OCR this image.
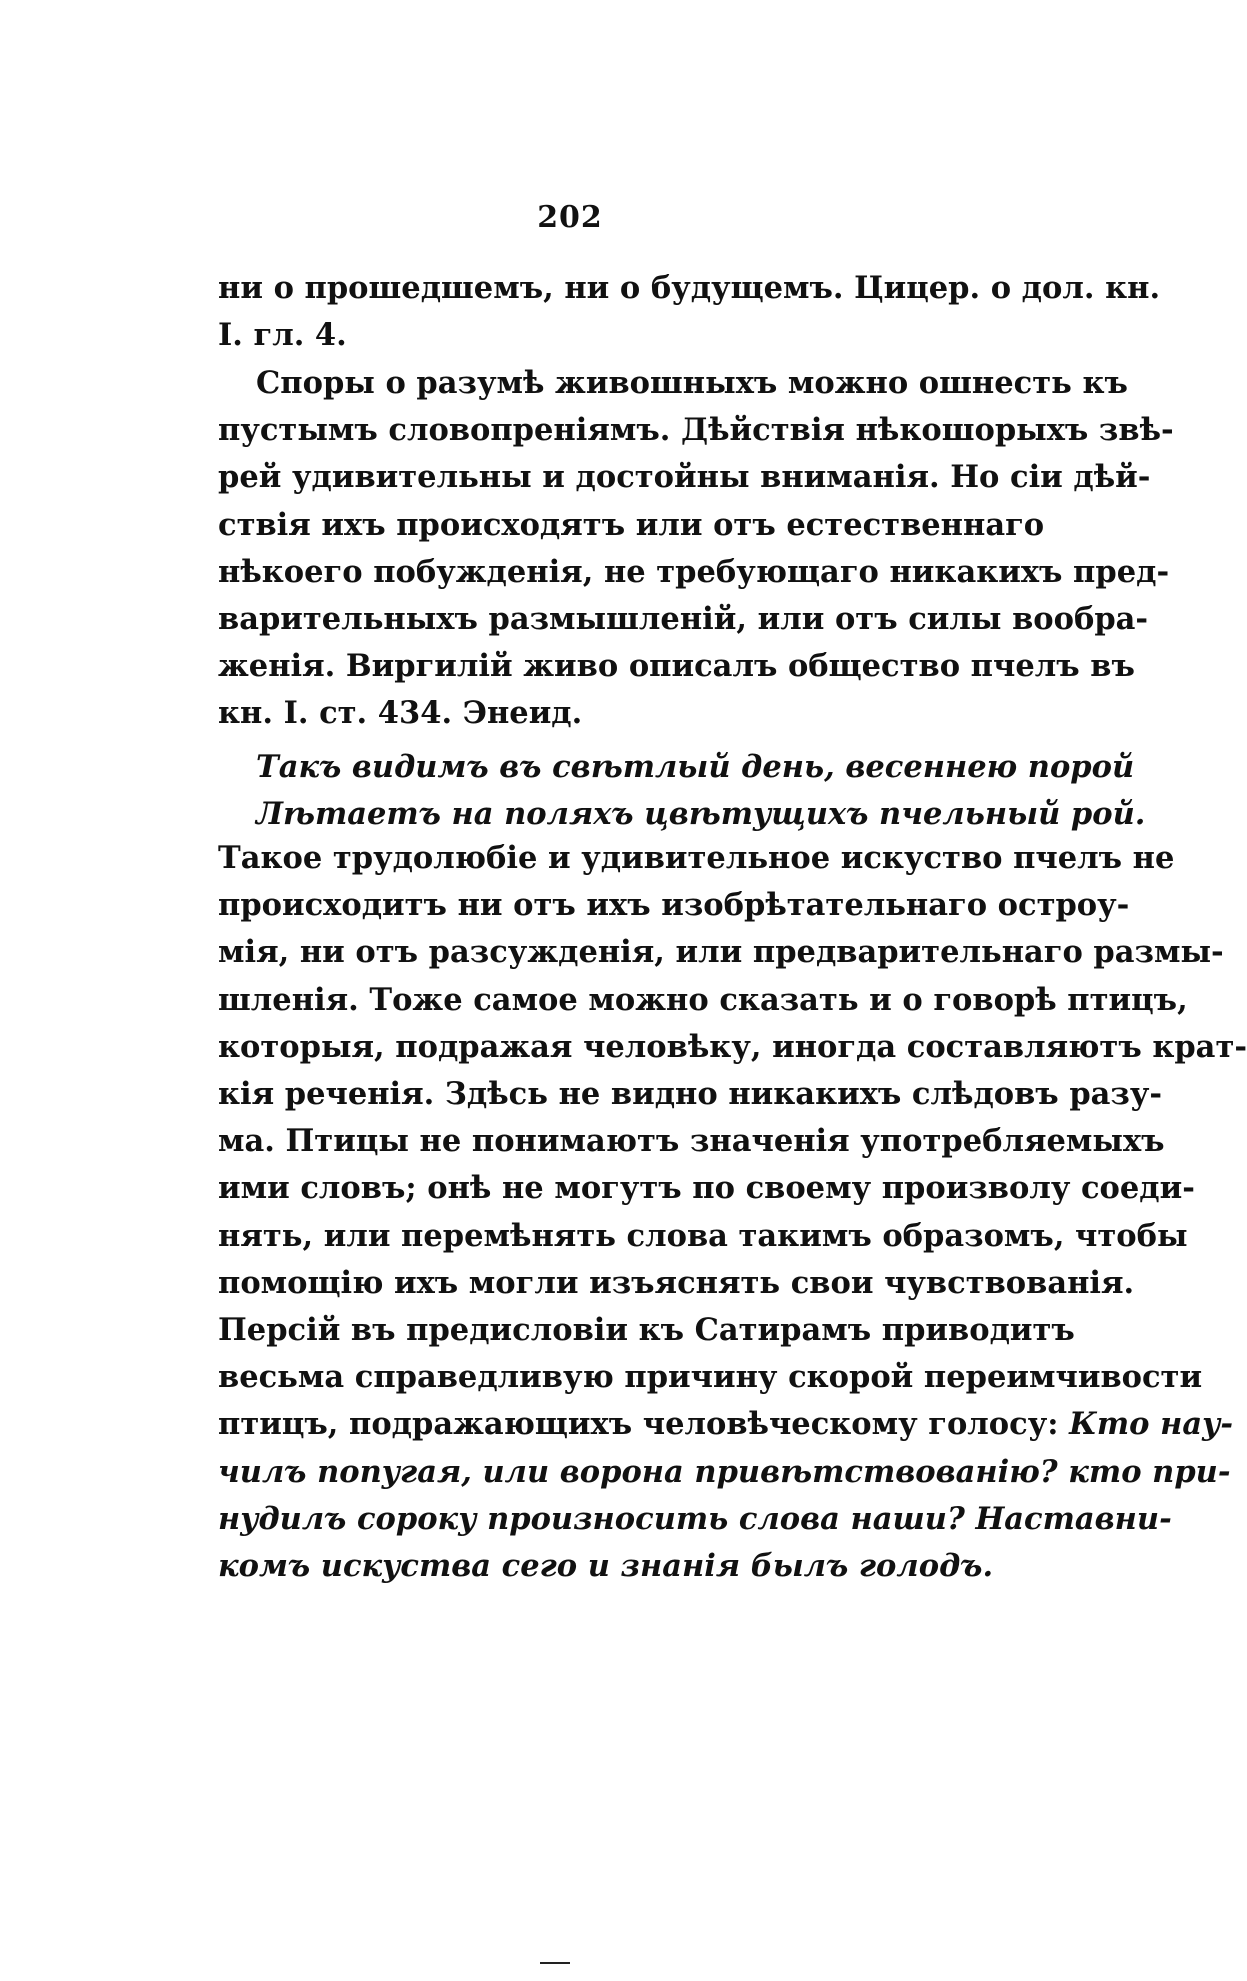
202
ни о прошедшемъ, ни о будущемъ. Цицер. о дол. кн.
I. гл. 4.
Споры о разумѣ живошныхъ можно ошнесть къ
пустымъ словопреніямъ. Дѣйствія нѣкошорыхъ звѣ-
рей удивительны и достойны вниманія. Но сіи дѣй-
ствія ихъ происходятъ или отъ естественнаго
нѣкоего побужденія, не требующаго никакихъ пред-
варительныхъ размышленій, или отъ силы вообра-
женія. Виргилій живо описалъ общество пчелъ въ
кн. I. ст. 434. Энеид.
Такъ видимъ въ свѣтлый день, весеннею порой
Лѣтаетъ на поляхъ цвѣтущихъ пчельный рой.
Такое трудолюбіе и удивительное искуство пчелъ не
происходитъ ни отъ ихъ изобрѣтательнаго остроу-
мія, ни отъ разсужденія, или предварительнаго размы-
шленія. Тоже самое можно сказать и о говорѣ птицъ,
которыя, подражая человѣку, иногда составляютъ крат-
кія реченія. Здѣсь не видно никакихъ слѣдовъ разу-
ма. Птицы не понимаютъ значенія употребляемыхъ
ими словъ; онѣ не могутъ по своему произволу соеди-
нять, или перемѣнять слова такимъ образомъ, чтобы
помощію ихъ могли изъяснять свои чувствованія.
Персій въ предисловіи къ Сатирамъ приводитъ
весьма справедливую причину скорой переимчивости
птицъ, подражающихъ человѣческому голосу: Кто нау-
чилъ попугая, или ворона привѣтствованію? кто при-
нудилъ сороку произносить слова наши? Наставни-
комъ искуства сего и знанія былъ голодъ.
